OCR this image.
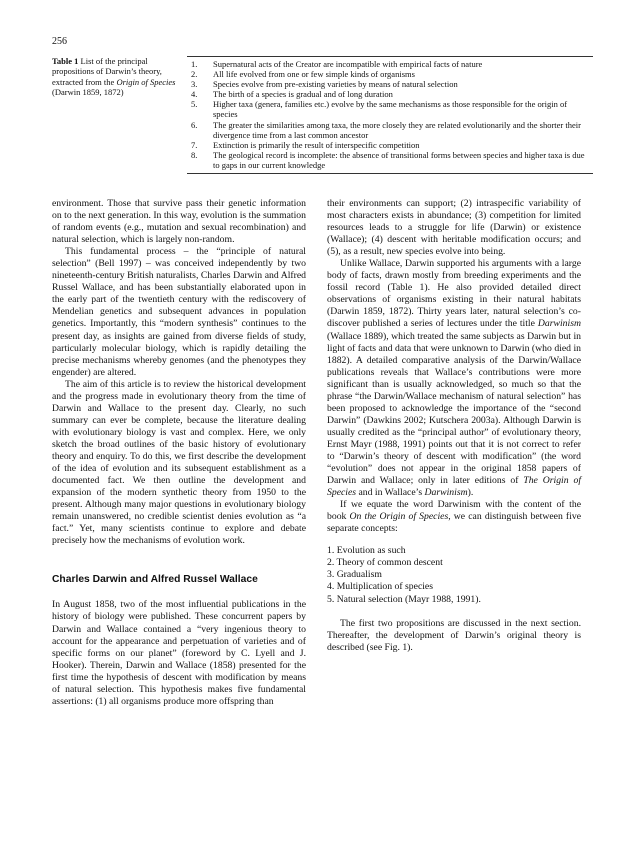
256
Table 1 List of the principal propositions of Darwin’s theory, extracted from the Origin of Species (Darwin 1859, 1872)
1.	Supernatural acts of the Creator are incompatible with empirical facts of nature
2.	All life evolved from one or few simple kinds of organisms
3.	Species evolve from pre-existing varieties by means of natural selection
4.	The birth of a species is gradual and of long duration
5.	Higher taxa (genera, families etc.) evolve by the same mechanisms as those responsible for the origin of species
6.	The greater the similarities among taxa, the more closely they are related evolutionarily and the shorter their divergence time from a last common ancestor
7.	Extinction is primarily the result of interspecific competition
8.	The geological record is incomplete: the absence of transitional forms between species and higher taxa is due to gaps in our current knowledge

environment. Those that survive pass their genetic information on to the next generation. In this way, evolution is the summation of random events (e.g., mutation and sexual recombination) and natural selection, which is largely non-random.

This fundamental process – the “principle of natural selection” (Bell 1997) – was conceived independently by two nineteenth-century British naturalists, Charles Darwin and Alfred Russel Wallace, and has been substantially elaborated upon in the early part of the twentieth century with the rediscovery of Mendelian genetics and subsequent advances in population genetics. Importantly, this “modern synthesis” continues to the present day, as insights are gained from diverse fields of study, particularly molecular biology, which is rapidly detailing the precise mechanisms whereby genomes (and the phenotypes they engender) are altered.

The aim of this article is to review the historical development and the progress made in evolutionary theory from the time of Darwin and Wallace to the present day. Clearly, no such summary can ever be complete, because the literature dealing with evolutionary biology is vast and complex. Here, we only sketch the broad outlines of the basic history of evolutionary theory and enquiry. To do this, we first describe the development of the idea of evolution and its subsequent establishment as a documented fact. We then outline the development and expansion of the modern synthetic theory from 1950 to the present. Although many major questions in evolutionary biology remain unanswered, no credible scientist denies evolution as “a fact.” Yet, many scientists continue to explore and debate precisely how the mechanisms of evolution work.

Charles Darwin and Alfred Russel Wallace

In August 1858, two of the most influential publications in the history of biology were published. These concurrent papers by Darwin and Wallace contained a “very ingenious theory to account for the appearance and perpetuation of varieties and of specific forms on our planet” (foreword by C. Lyell and J. Hooker). Therein, Darwin and Wallace (1858) presented for the first time the hypothesis of descent with modification by means of natural selection. This hypothesis makes five fundamental assertions: (1) all organisms produce more offspring than

their environments can support; (2) intraspecific variability of most characters exists in abundance; (3) competition for limited resources leads to a struggle for life (Darwin) or existence (Wallace); (4) descent with heritable modification occurs; and (5), as a result, new species evolve into being.

Unlike Wallace, Darwin supported his arguments with a large body of facts, drawn mostly from breeding experiments and the fossil record (Table 1). He also provided detailed direct observations of organisms existing in their natural habitats (Darwin 1859, 1872). Thirty years later, natural selection’s co-discover published a series of lectures under the title Darwinism (Wallace 1889), which treated the same subjects as Darwin but in light of facts and data that were unknown to Darwin (who died in 1882). A detailed comparative analysis of the Darwin/Wallace publications reveals that Wallace’s contributions were more significant than is usually acknowledged, so much so that the phrase “the Darwin/Wallace mechanism of natural selection” has been proposed to acknowledge the importance of the “second Darwin” (Dawkins 2002; Kutschera 2003a). Although Darwin is usually credited as the “principal author” of evolutionary theory, Ernst Mayr (1988, 1991) points out that it is not correct to refer to “Darwin’s theory of descent with modification” (the word “evolution” does not appear in the original 1858 papers of Darwin and Wallace; only in later editions of The Origin of Species and in Wallace’s Darwinism).

If we equate the word Darwinism with the content of the book On the Origin of Species, we can distinguish between five separate concepts:

1. Evolution as such
2. Theory of common descent
3. Gradualism
4. Multiplication of species
5. Natural selection (Mayr 1988, 1991).

The first two propositions are discussed in the next section. Thereafter, the development of Darwin’s original theory is described (see Fig. 1).
